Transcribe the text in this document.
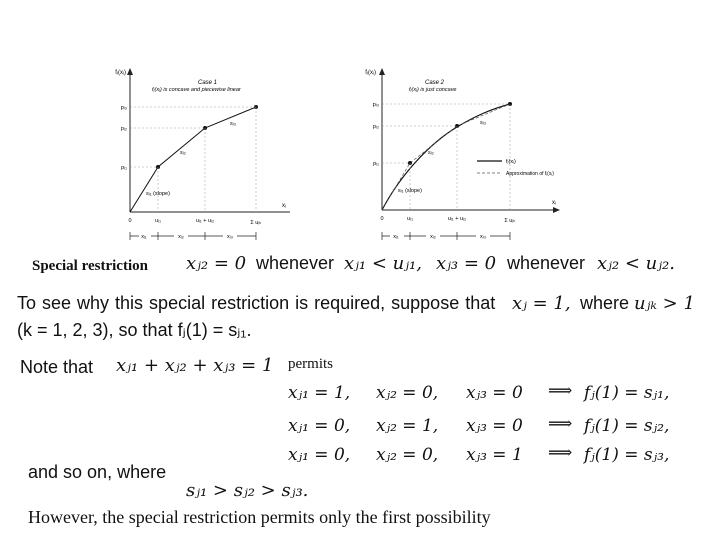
fⱼ(xⱼ)
Case 1
fⱼ(xⱼ) is concave and piecewise linear
pⱼ₃
pⱼ₂
pⱼ₁
sⱼ₁ (slope)
sⱼ₂
sⱼ₃
0	uⱼ₁	uⱼ₁ + uⱼ₂	Σ uⱼₖ
xⱼ
xⱼ₁	xⱼ₂	xⱼ₃
fⱼ(xⱼ)
Case 2
fⱼ(xⱼ) is just concave
pⱼ₃
pⱼ₂
pⱼ₁
sⱼ₁ (slope)
sⱼ₂
sⱼ₃
fⱼ(xⱼ)
Approximation of fⱼ(xⱼ)
0	uⱼ₁	uⱼ₁ + uⱼ₂	Σ uⱼₖ
xⱼ
xⱼ₁	xⱼ₂	xⱼ₃
Special restriction xⱼ₂ = 0 whenever xⱼ₁ < uⱼ₁, xⱼ₃ = 0 whenever xⱼ₂ < uⱼ₂.
To see why this special restriction is required, suppose that xⱼ = 1, where uⱼₖ > 1
(k = 1, 2, 3), so that fⱼ(1) = sⱼ₁.
Note that xⱼ₁ + xⱼ₂ + xⱼ₃ = 1 permits
xⱼ₁ = 1, xⱼ₂ = 0, xⱼ₃ = 0 ⟹ fⱼ(1) = sⱼ₁,
xⱼ₁ = 0, xⱼ₂ = 1, xⱼ₃ = 0 ⟹ fⱼ(1) = sⱼ₂,
xⱼ₁ = 0, xⱼ₂ = 0, xⱼ₃ = 1 ⟹ fⱼ(1) = sⱼ₃,
and so on, where
sⱼ₁ > sⱼ₂ > sⱼ₃.
However, the special restriction permits only the first possibility
